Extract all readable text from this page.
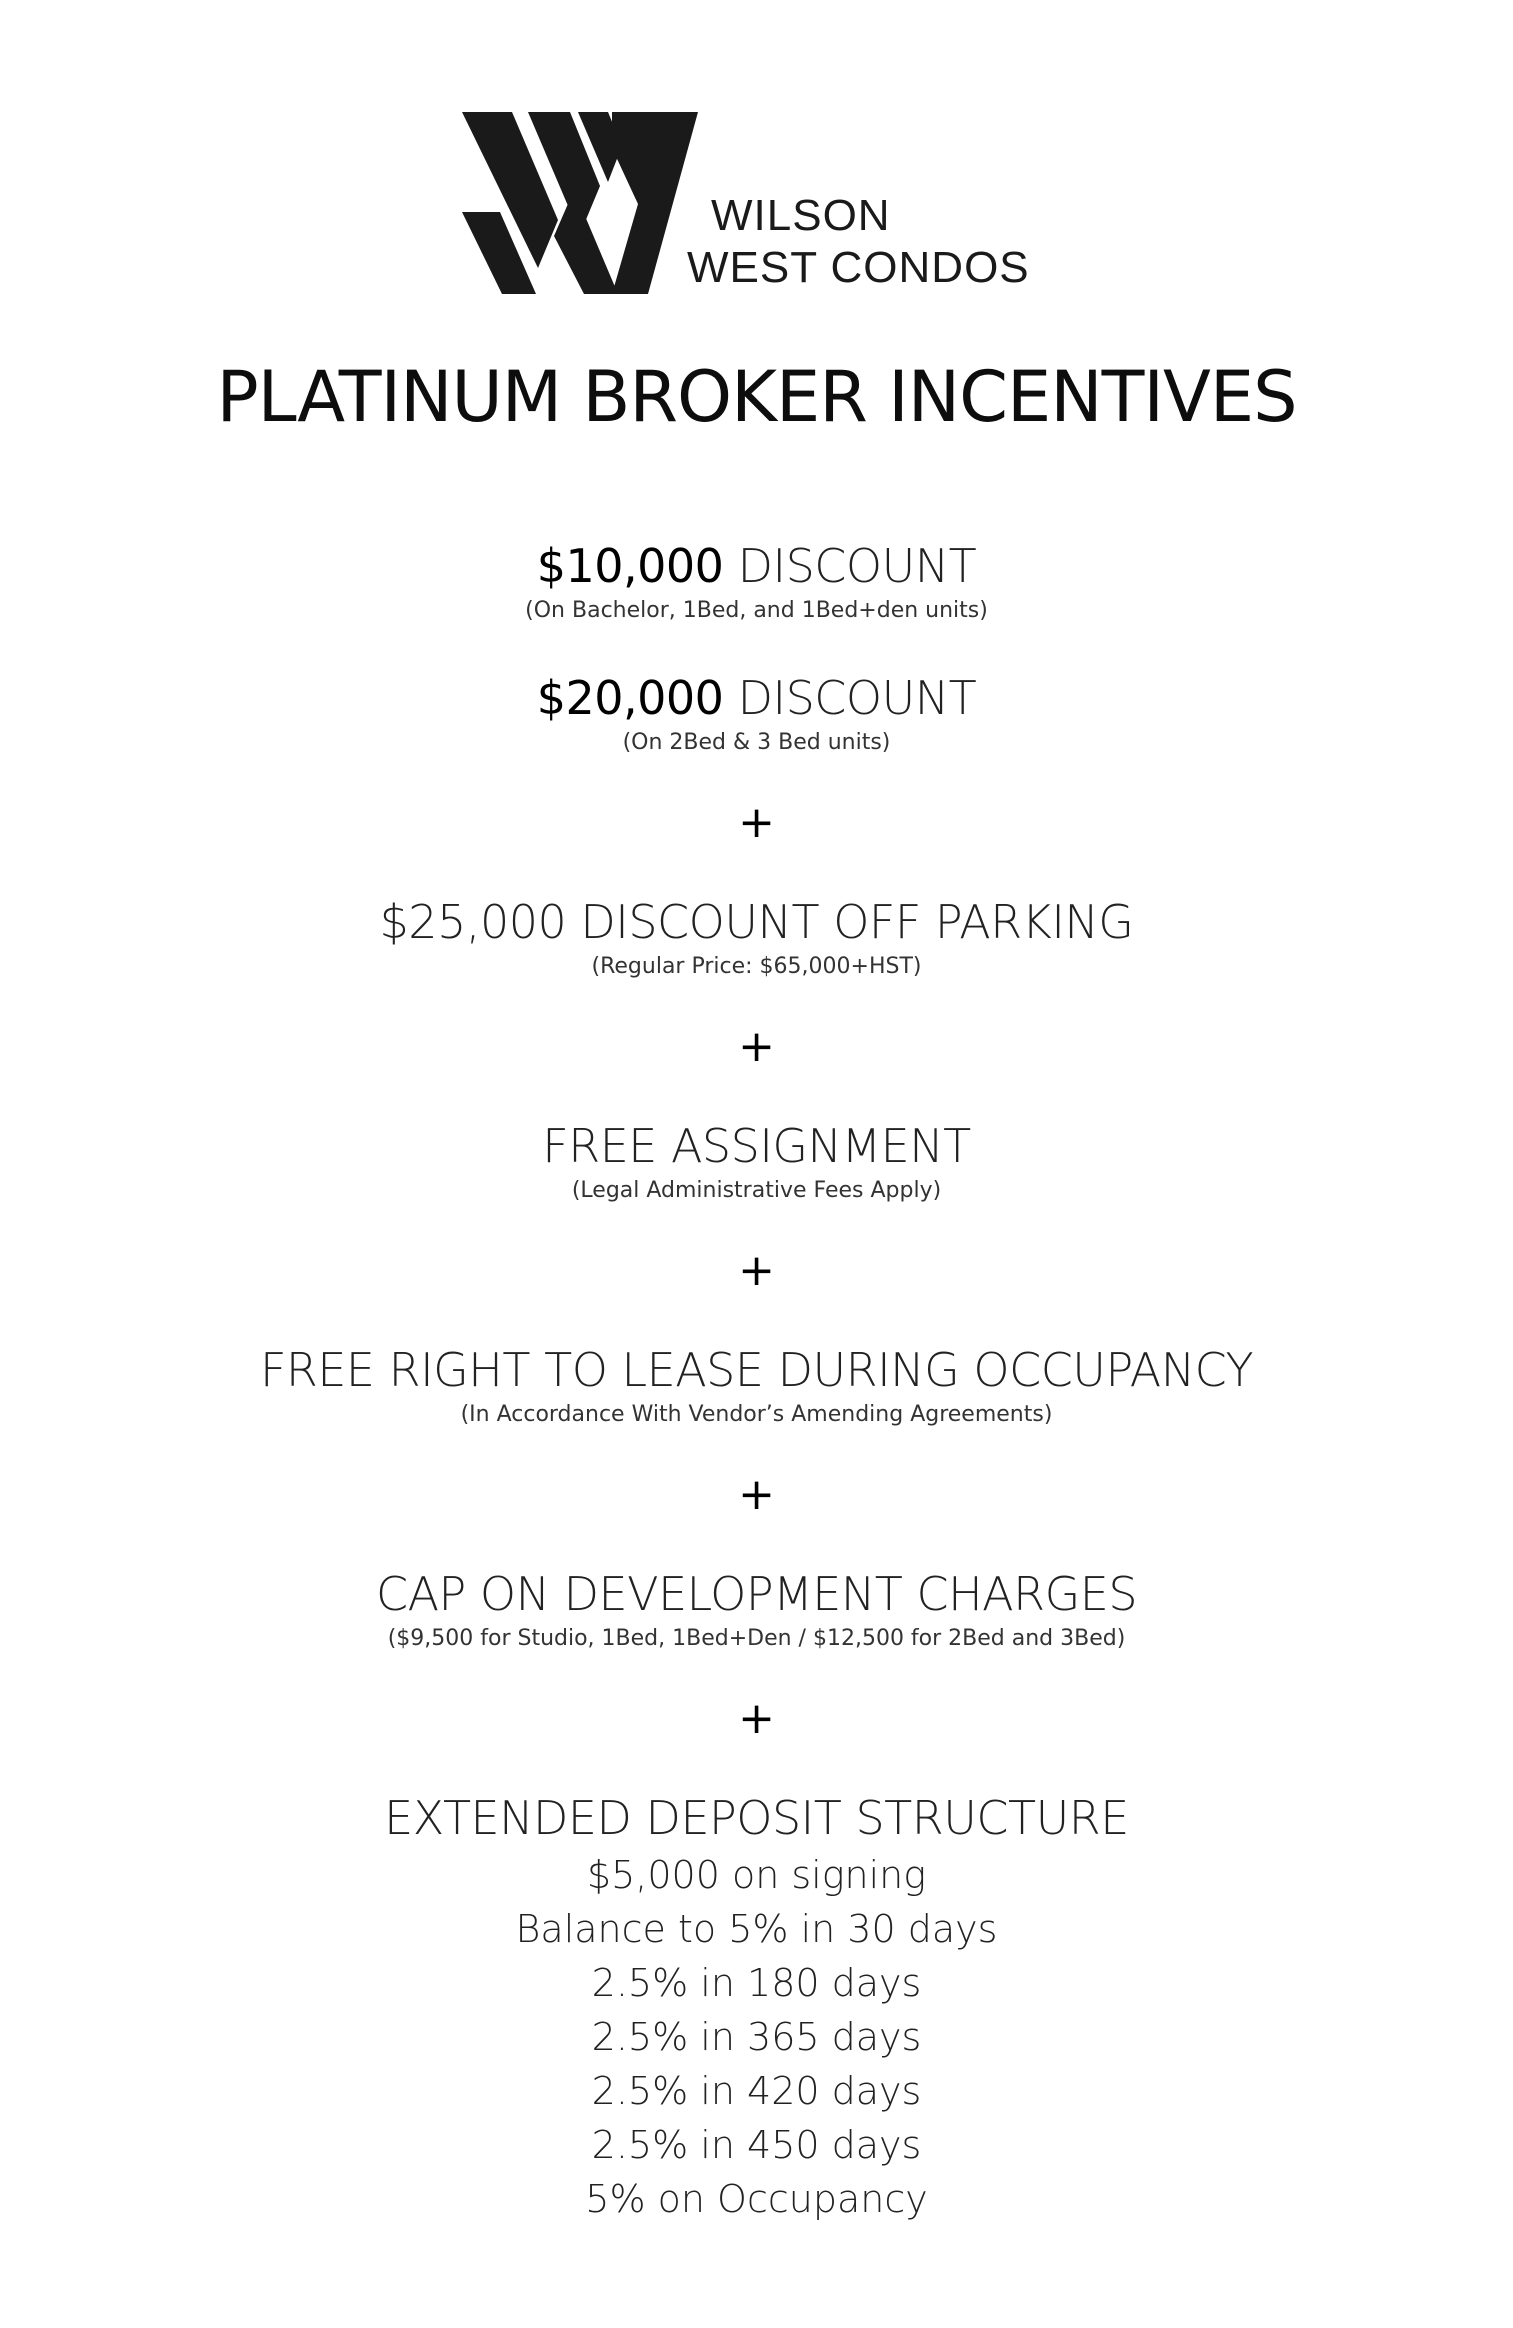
WILSON
WEST CONDOS
PLATINUM BROKER INCENTIVES
$10,000 DISCOUNT
(On Bachelor, 1Bed, and 1Bed+den units)
$20,000 DISCOUNT
(On 2Bed & 3 Bed units)
+
$25,000 DISCOUNT OFF PARKING
(Regular Price: $65,000+HST)
+
FREE ASSIGNMENT
(Legal Administrative Fees Apply)
+
FREE RIGHT TO LEASE DURING OCCUPANCY
(In Accordance With Vendor’s Amending Agreements)
+
CAP ON DEVELOPMENT CHARGES
($9,500 for Studio, 1Bed, 1Bed+Den / $12,500 for 2Bed and 3Bed)
+
EXTENDED DEPOSIT STRUCTURE
$5,000 on signing
Balance to 5% in 30 days
2.5% in 180 days
2.5% in 365 days
2.5% in 420 days
2.5% in 450 days
5% on Occupancy
